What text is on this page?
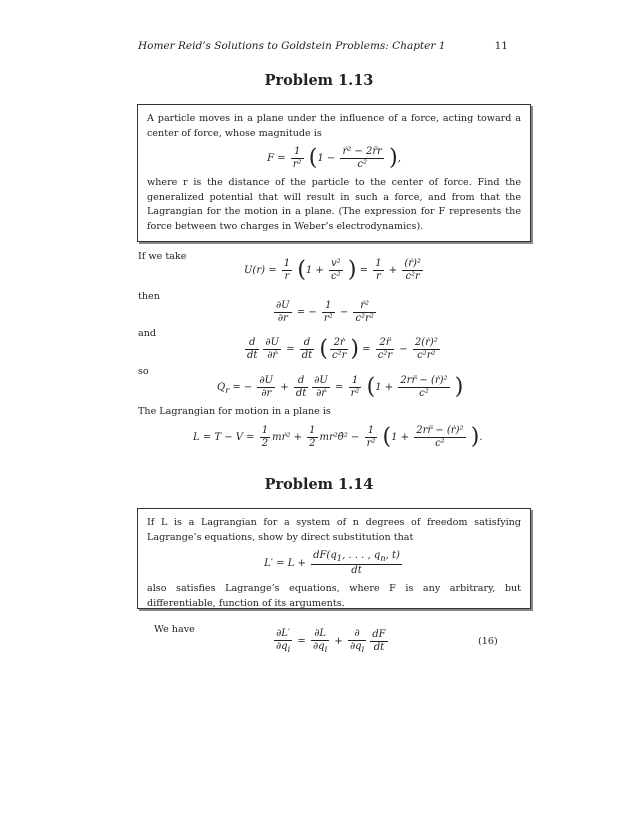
Homer Reid’s Solutions to Goldstein Problems: Chapter 1	11
Problem 1.13
A particle moves in a plane under the influence of a force, acting toward a center of force, whose magnitude is
$F = \frac{1}{\text{r²}} (1 - \frac{\text{ṙ² − 2r̈r}}{\text{c²}}$ ),
where r is the distance of the particle to the center of force. Find the generalized potential that will result in such a force, and from that the Lagrangian for the motion in a plane. (The expression for F represents the force between two charges in Weber’s electrodynamics).
If we take
$U(r) = \frac{1}{r} (1 + \frac{\text{v²}}{\text{c²}}$ ) = $\frac{1}{r} + \frac{\text{(ṙ)²}}{\text{c²r}}$
then
$\frac{\partial U}{\partial r}$ = − $\frac{1}{\text{r²}} - \frac{\text{ṙ²}}{\text{c²r²}}$
and
$\frac{d}{dt} \frac{\partial U}{\text{∂ṙ}} = \frac{d}{dt}$ ( $\frac{\text{2ṙ}}{\text{c²r}}$ ) = $\frac{2r̈}{\text{c²r}} - \frac{\text{2(ṙ)²}}{\text{c²r²}}$
so
$Q_r$ = − $\frac{\partial U}{\partial r} + \frac{d}{dt} \frac{\partial U}{\text{∂ṙ}} = \frac{1}{\text{r²}} (1 + \frac{\text{2rr̈ − (ṙ)²}}{\text{c²}}$ )
The Lagrangian for motion in a plane is
$L = T - V = \frac{1}{2}$ mṙ² + $\frac{1}{2}$ mr²θ̇² − $\frac{1}{\text{r²}} (1 + \frac{\text{2rr̈ − (ṙ)²}}{\text{c²}}$ ).
Problem 1.14
If L is a Lagrangian for a system of n degrees of freedom satisfying Lagrange’s equations, show by direct substitution that
$L' = L + \frac{dF(q_1, . . . , q_n, t)}{dt}$
also satisfies Lagrange’s equations, where F is any arbitrary, but differentiable, function of its arguments.
We have	$\frac{\partial L'}{\partial q_i} = \frac{\partial L}{\partial q_i} + \frac{\partial}{\partial q_i} \frac{dF}{dt}$	(16)
